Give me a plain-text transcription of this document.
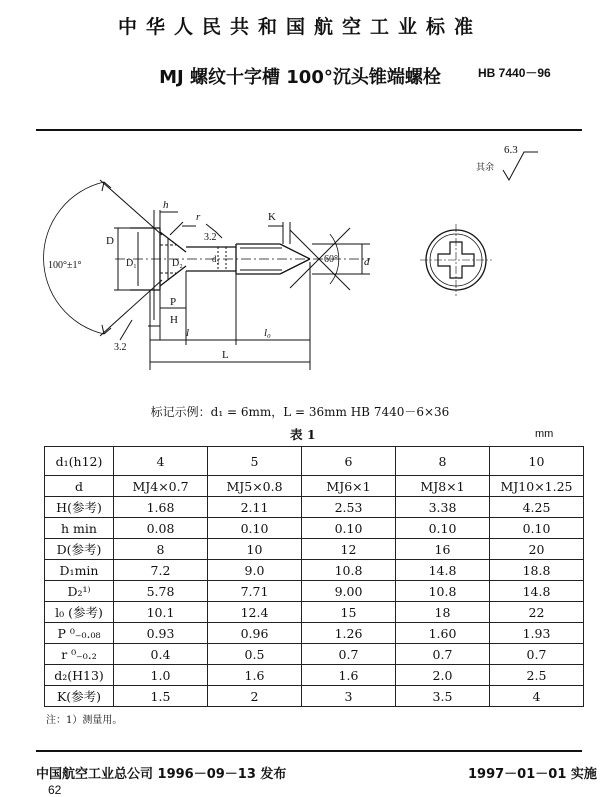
中华人民共和国航空工业标准
MJ 螺纹十字槽 100°沉头锥端螺栓	HB 7440－96
6.3
其余
h
r
3.2
K
100°±1°
60° d
D
D₁	D₂	d₂
P
H
3.2
l	l₀
L
标记示例：d₁ = 6mm，L = 36mm HB 7440－6×36
表 1	mm
d₁(h12)	4	5	6	8	10
d	MJ4×0.7	MJ5×0.8	MJ6×1	MJ8×1	MJ10×1.25
H(参考)	1.68	2.11	2.53	3.38	4.25
h min	0.08	0.10	0.10	0.10	0.10
D(参考)	8	10	12	16	20
D₁min	7.2	9.0	10.8	14.8	18.8
D₂¹⁾	5.78	7.71	9.00	10.8	14.8
l₀ (参考)	10.1	12.4	15	18	22
P ⁰₋₀.₀₈	0.93	0.96	1.26	1.60	1.93
r ⁰₋₀.₂	0.4	0.5	0.7	0.7	0.7
d₂(H13)	1.0	1.6	1.6	2.0	2.5
K(参考)	1.5	2	3	3.5	4
注：1）测量用。
中国航空工业总公司 1996－09－13 发布	1997－01－01 实施
62
